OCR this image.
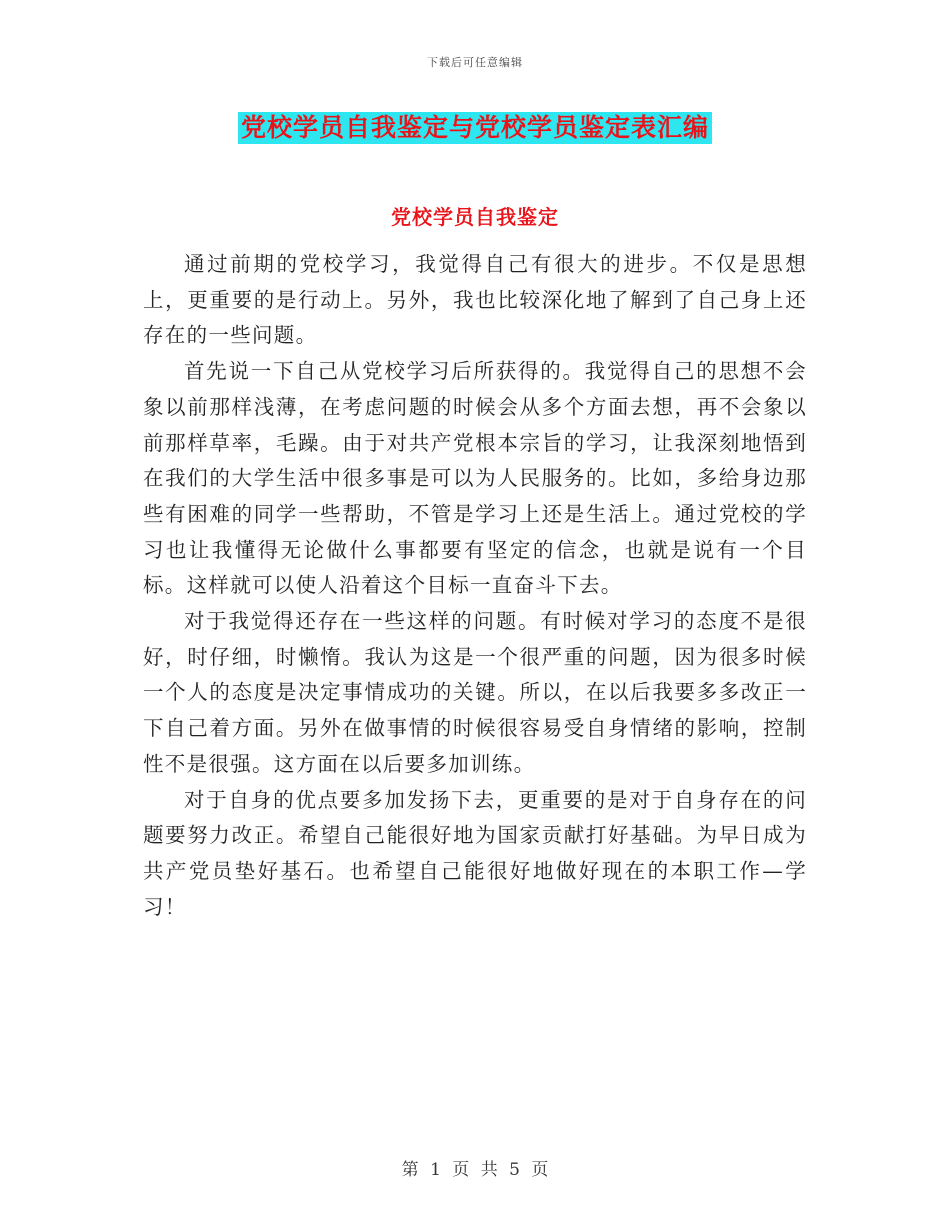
下载后可任意编辑
党校学员自我鉴定与党校学员鉴定表汇编
党校学员自我鉴定

通过前期的党校学习，我觉得自己有很大的进步。不仅是思想上，更重要的是行动上。另外，我也比较深化地了解到了自己身上还存在的一些问题。

首先说一下自己从党校学习后所获得的。我觉得自己的思想不会象以前那样浅薄，在考虑问题的时候会从多个方面去想，再不会象以前那样草率，毛躁。由于对共产党根本宗旨的学习，让我深刻地悟到在我们的大学生活中很多事是可以为人民服务的。比如，多给身边那些有困难的同学一些帮助，不管是学习上还是生活上。通过党校的学习也让我懂得无论做什么事都要有坚定的信念，也就是说有一个目标。这样就可以使人沿着这个目标一直奋斗下去。

对于我觉得还存在一些这样的问题。有时候对学习的态度不是很好，时仔细，时懒惰。我认为这是一个很严重的问题，因为很多时候一个人的态度是决定事情成功的关键。所以，在以后我要多多改正一下自己着方面。另外在做事情的时候很容易受自身情绪的影响，控制性不是很强。这方面在以后要多加训练。

对于自身的优点要多加发扬下去，更重要的是对于自身存在的问题要努力改正。希望自己能很好地为国家贡献打好基础。为早日成为共产党员垫好基石。也希望自己能很好地做好现在的本职工作—学习！

第 1 页 共 5 页
